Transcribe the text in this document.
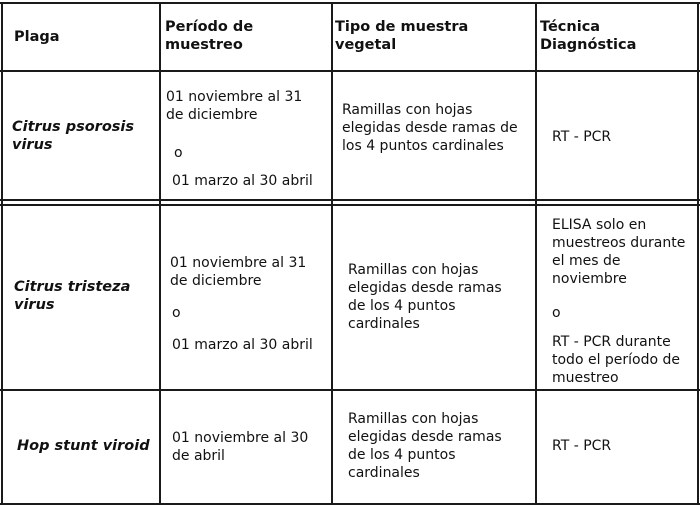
Plaga
Período de muestreo
Tipo de muestra vegetal
Técnica Diagnóstica
Citrus psorosis virus
01 noviembre al 31 de diciembre
o
01 marzo al 30 abril
Ramillas con hojas elegidas desde ramas de los 4 puntos cardinales
RT - PCR
Citrus tristeza virus
01 noviembre al 31 de diciembre
o
01 marzo al 30 abril
Ramillas con hojas elegidas desde ramas de los 4 puntos cardinales
ELISA solo en muestreos durante el mes de noviembre
o
RT - PCR durante todo el período de muestreo
Hop stunt viroid	01 noviembre al 30 de abril
Ramillas con hojas elegidas desde ramas de los 4 puntos cardinales
RT - PCR
